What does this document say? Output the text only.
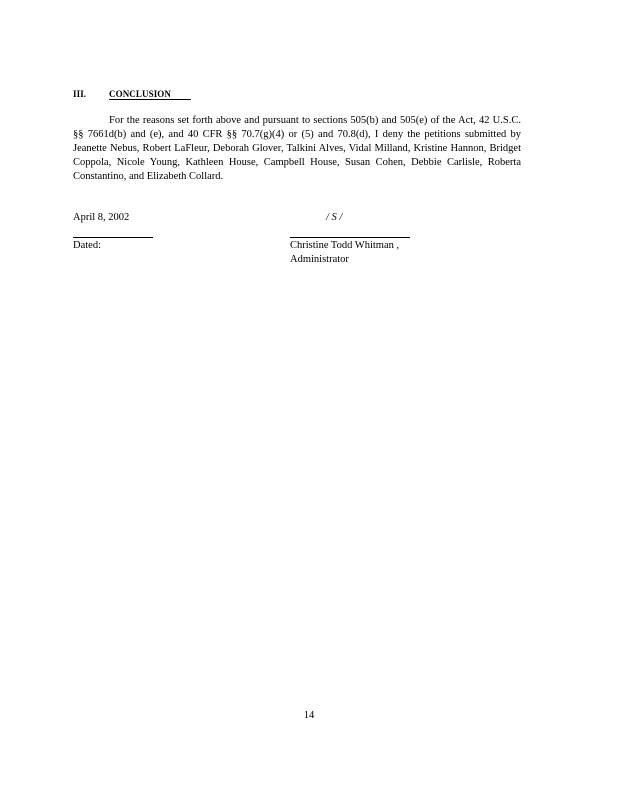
III.	CONCLUSION

For the reasons set forth above and pursuant to sections 505(b) and 505(e) of the Act, 42 U.S.C. §§ 7661d(b) and (e), and 40 CFR §§ 70.7(g)(4) or (5) and 70.8(d), I deny the petitions submitted by Jeanette Nebus, Robert LaFleur, Deborah Glover, Talkini Alves, Vidal Milland, Kristine Hannon, Bridget Coppola, Nicole Young, Kathleen House, Campbell House, Susan Cohen, Debbie Carlisle, Roberta Constantino, and Elizabeth Collard.

April 8, 2002
Dated:
/ S /
Christine Todd Whitman ,
Administrator
14
